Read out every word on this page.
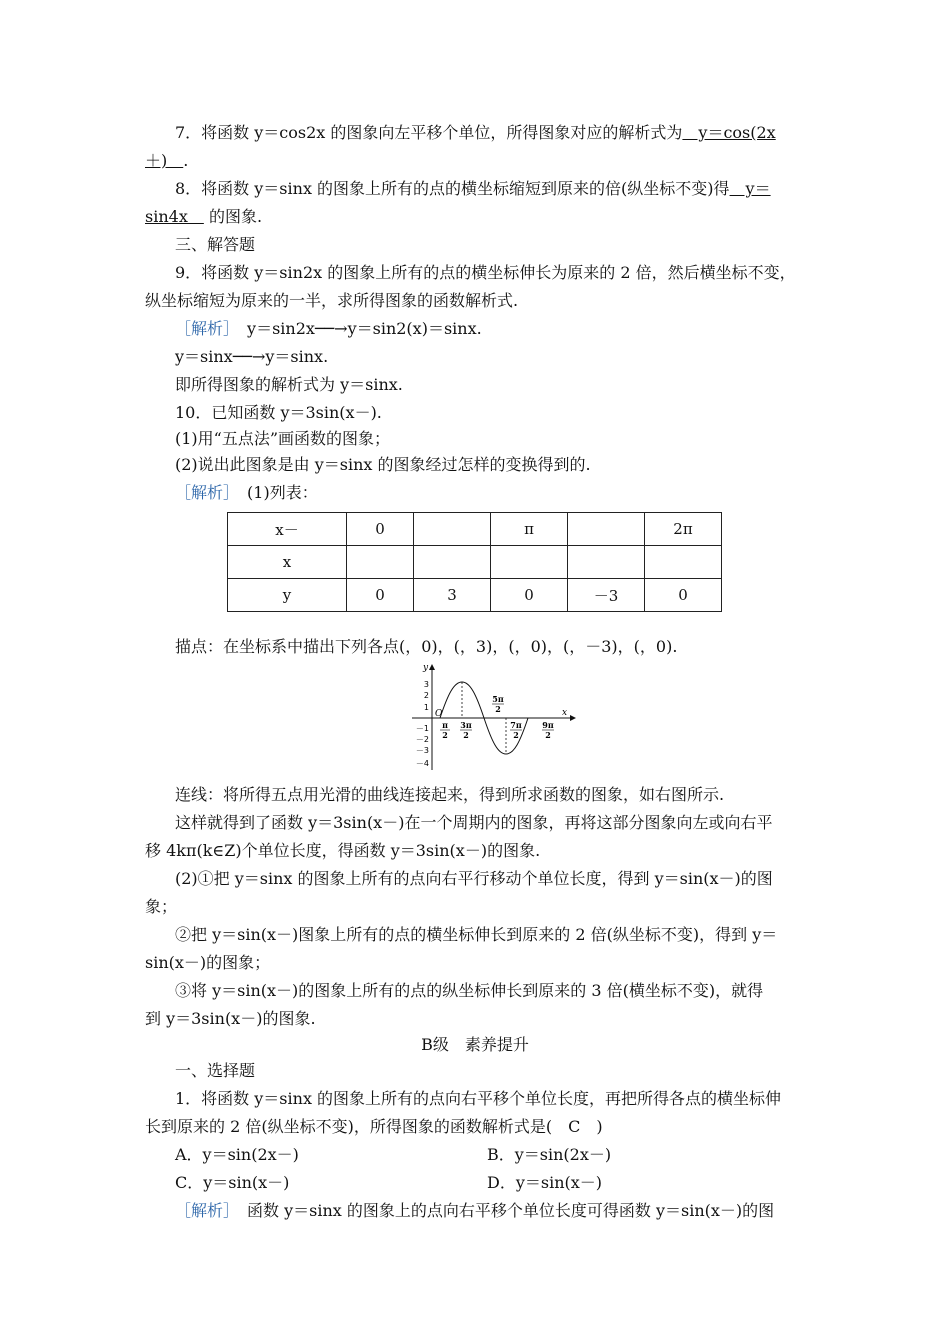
7．将函数 y＝cos2x 的图象向左平移个单位，所得图象对应的解析式为　y＝cos(2x
＋)　.
8．将函数 y＝sinx 的图象上所有的点的横坐标缩短到原来的倍(纵坐标不变)得　y＝
sin4x　 的图象.
三、解答题
9．将函数 y＝sin2x 的图象上所有的点的横坐标伸长为原来的 2 倍，然后横坐标不变，
纵坐标缩短为原来的一半，求所得图象的函数解析式.
［解析］　 y＝sin2x──→y＝sin2(x)＝sinx.
y＝sinx──→y＝sinx.
即所得图象的解析式为 y＝sinx.
10．已知函数 y＝3sin(x－).
(1)用“五点法”画函数的图象；
(2)说出此图象是由 y＝sinx 的图象经过怎样的变换得到的.
［解析］　 (1)列表：
x－	0		π		2π
x					
y	0	3	0	－3	0
描点：在坐标系中描出下列各点(，0)，(，3)，(，0)，(，－3)，(，0).
y
x
O
3
2
1
－1
－2
－3
－4
π
2
3π
2
5π
2
7π
2
9π
2
连线：将所得五点用光滑的曲线连接起来，得到所求函数的图象，如右图所示.
这样就得到了函数 y＝3sin(x－)在一个周期内的图象，再将这部分图象向左或向右平
移 4kπ(k∈Z)个单位长度，得函数 y＝3sin(x－)的图象.
(2)①把 y＝sinx 的图象上所有的点向右平行移动个单位长度，得到 y＝sin(x－)的图
象；
②把 y＝sin(x－)图象上所有的点的横坐标伸长到原来的 2 倍(纵坐标不变)，得到 y＝
sin(x－)的图象；
③将 y＝sin(x－)的图象上所有的点的纵坐标伸长到原来的 3 倍(横坐标不变)，就得
到 y＝3sin(x－)的图象.
B级　素养提升
一、选择题
1．将函数 y＝sinx 的图象上所有的点向右平移个单位长度，再把所得各点的横坐标伸
长到原来的 2 倍(纵坐标不变)，所得图象的函数解析式是(　C　)
A．y＝sin(2x－)	B．y＝sin(2x－)
C．y＝sin(x－)	D．y＝sin(x－)
［解析］　 函数 y＝sinx 的图象上的点向右平移个单位长度可得函数 y＝sin(x－)的图
